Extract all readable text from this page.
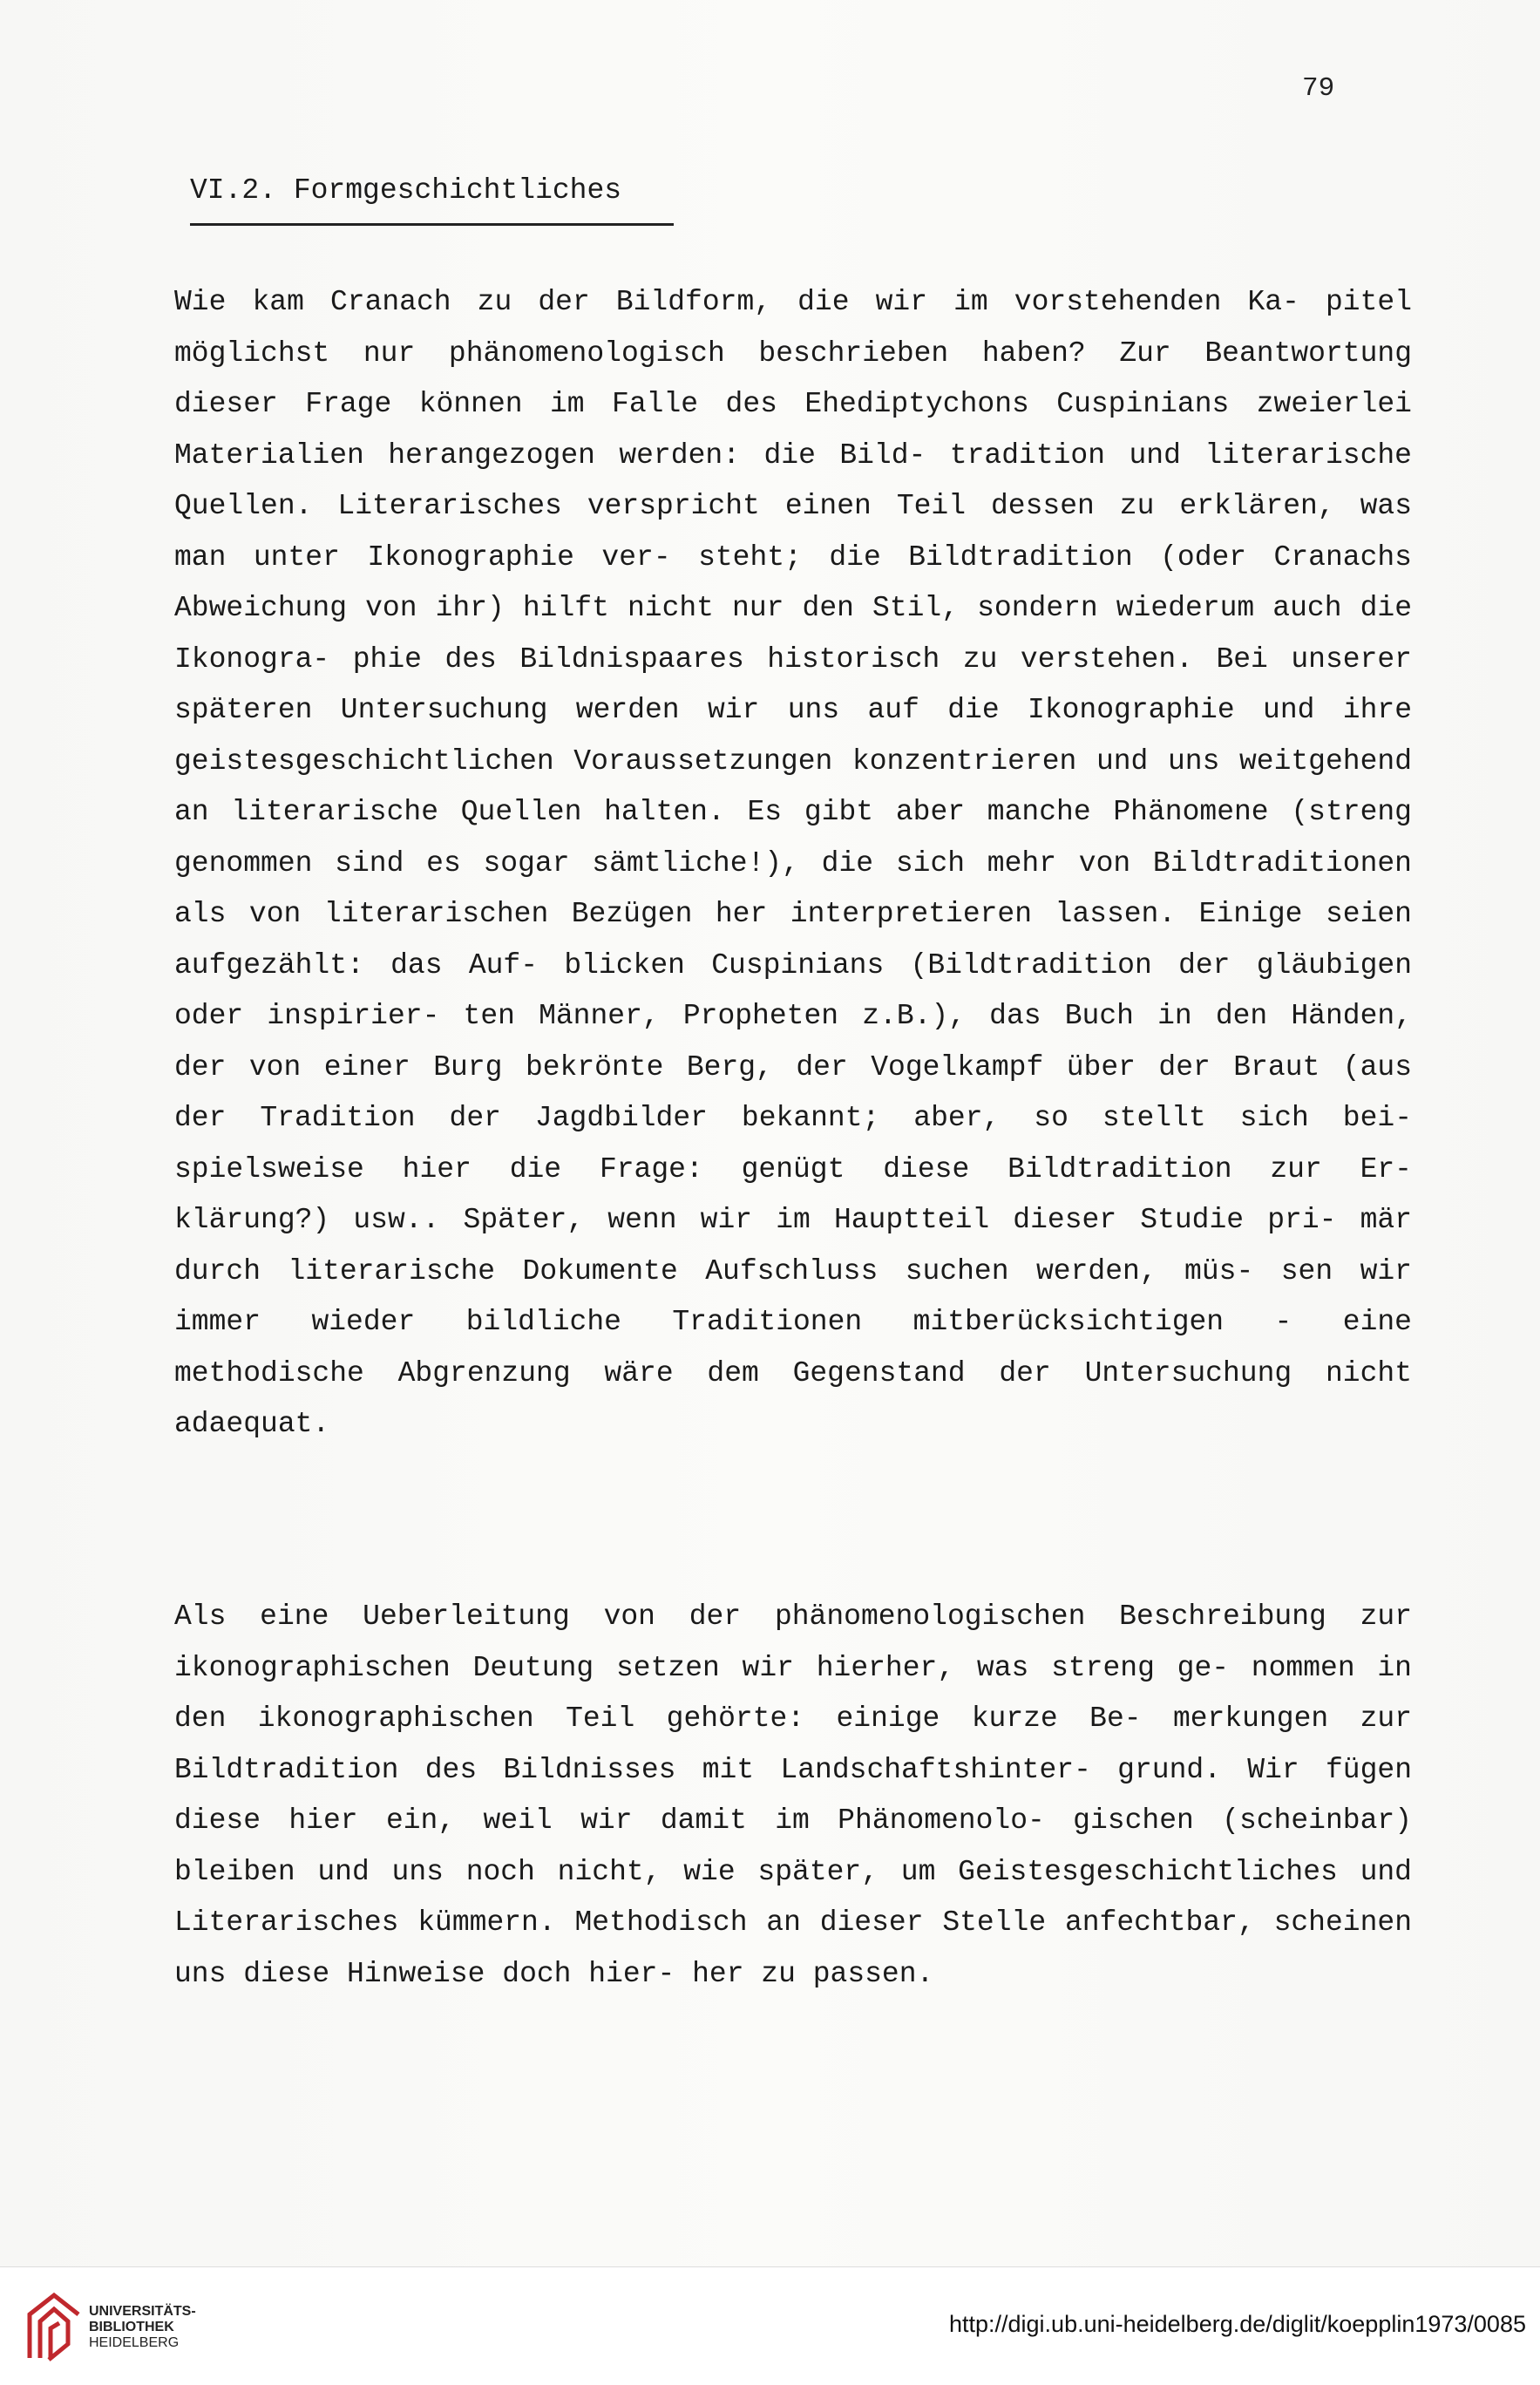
79
VI.2. Formgeschichtliches
Wie kam Cranach zu der Bildform, die wir im vorstehenden Ka- pitel möglichst nur phänomenologisch beschrieben haben? Zur Beantwortung dieser Frage können im Falle des Ehediptychons Cuspinians zweierlei Materialien herangezogen werden: die Bild- tradition und literarische Quellen. Literarisches verspricht einen Teil dessen zu erklären, was man unter Ikonographie ver- steht; die Bildtradition (oder Cranachs Abweichung von ihr) hilft nicht nur den Stil, sondern wiederum auch die Ikonogra- phie des Bildnispaares historisch zu verstehen. Bei unserer späteren Untersuchung werden wir uns auf die Ikonographie und ihre geistesgeschichtlichen Voraussetzungen konzentrieren und uns weitgehend an literarische Quellen halten. Es gibt aber manche Phänomene (streng genommen sind es sogar sämtliche!), die sich mehr von Bildtraditionen als von literarischen Bezügen her interpretieren lassen. Einige seien aufgezählt: das Auf- blicken Cuspinians (Bildtradition der gläubigen oder inspirier- ten Männer, Propheten z.B.), das Buch in den Händen, der von einer Burg bekrönte Berg, der Vogelkampf über der Braut (aus der Tradition der Jagdbilder bekannt; aber, so stellt sich bei- spielsweise hier die Frage: genügt diese Bildtradition zur Er- klärung?) usw.. Später, wenn wir im Hauptteil dieser Studie pri- mär durch literarische Dokumente Aufschluss suchen werden, müs- sen wir immer wieder bildliche Traditionen mitberücksichtigen - eine methodische Abgrenzung wäre dem Gegenstand der Untersuchung nicht adaequat.
Als eine Ueberleitung von der phänomenologischen Beschreibung zur ikonographischen Deutung setzen wir hierher, was streng ge- nommen in den ikonographischen Teil gehörte: einige kurze Be- merkungen zur Bildtradition des Bildnisses mit Landschaftshinter- grund. Wir fügen diese hier ein, weil wir damit im Phänomenolo- gischen (scheinbar) bleiben und uns noch nicht, wie später, um Geistesgeschichtliches und Literarisches kümmern. Methodisch an dieser Stelle anfechtbar, scheinen uns diese Hinweise doch hier- her zu passen.
UNIVERSITÄTS-
BIBLIOTHEK
HEIDELBERG
http://digi.ub.uni-heidelberg.de/diglit/koepplin1973/0085
